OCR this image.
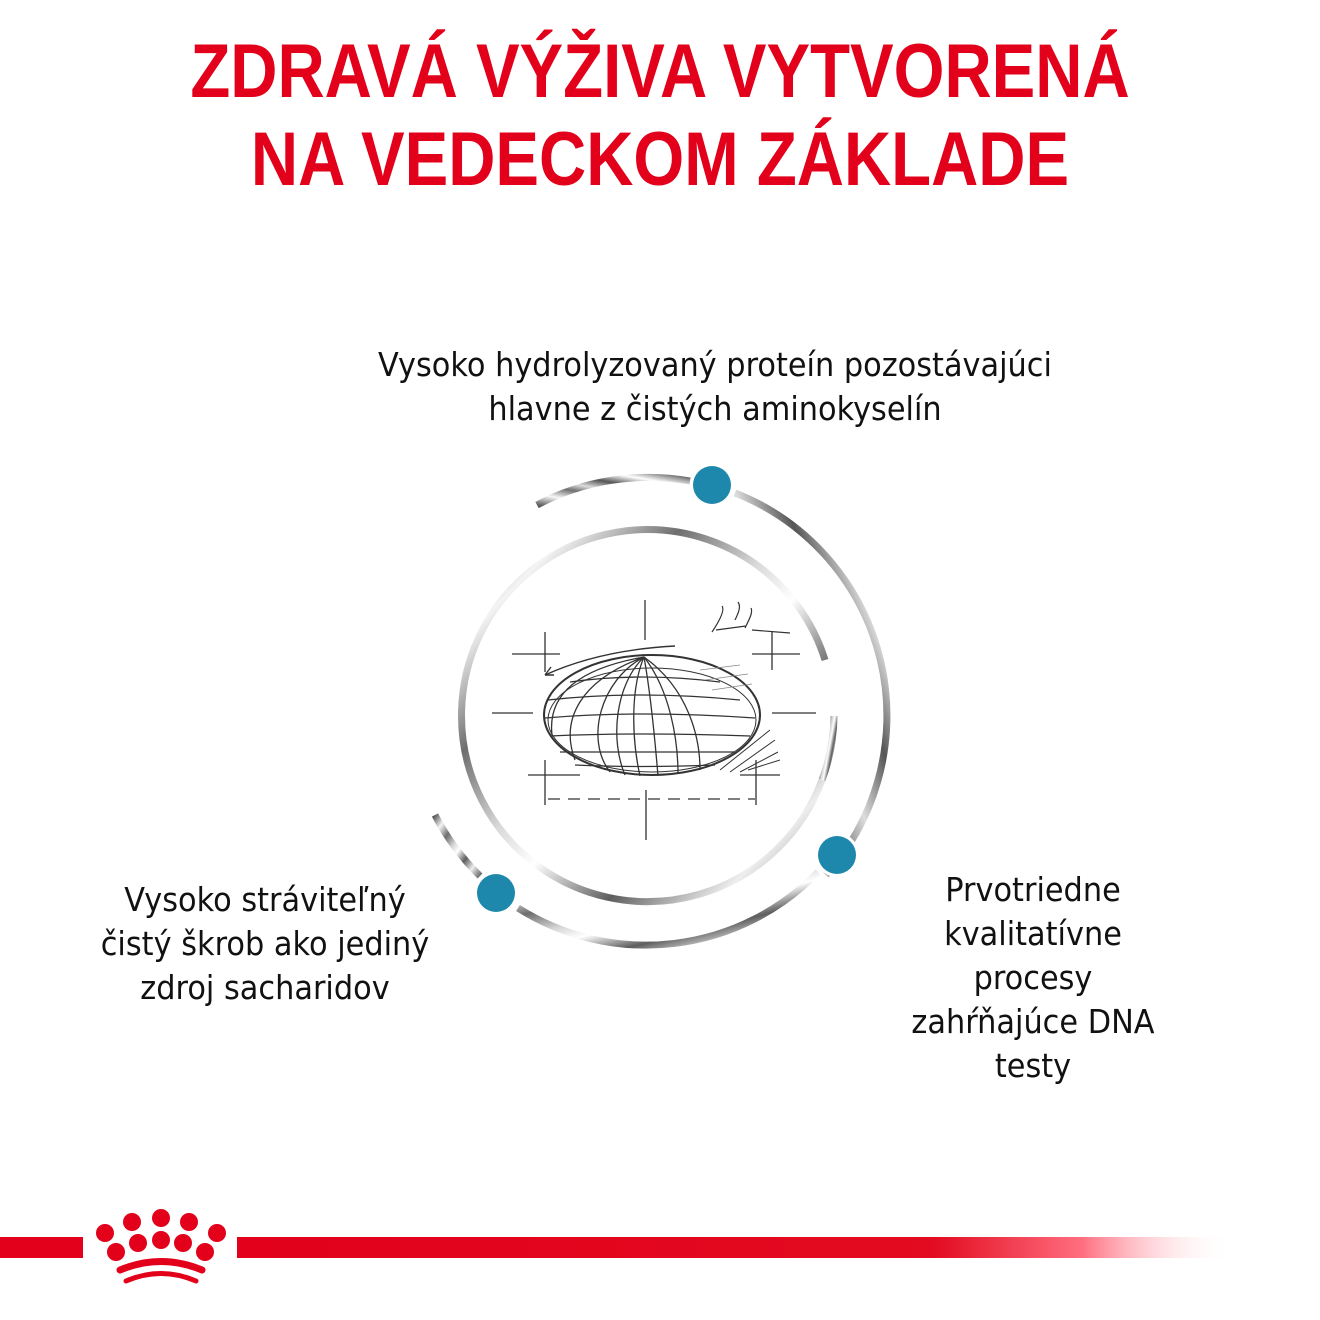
ZDRAVÁ VÝŽIVA VYTVORENÁ
NA VEDECKOM ZÁKLADE
Vysoko hydrolyzovaný proteín pozostávajúci
hlavne z čistých aminokyselín
Vysoko stráviteľný
čistý škrob ako jediný
zdroj sacharidov
Prvotriedne
kvalitatívne
procesy
zahŕňajúce DNA
testy
